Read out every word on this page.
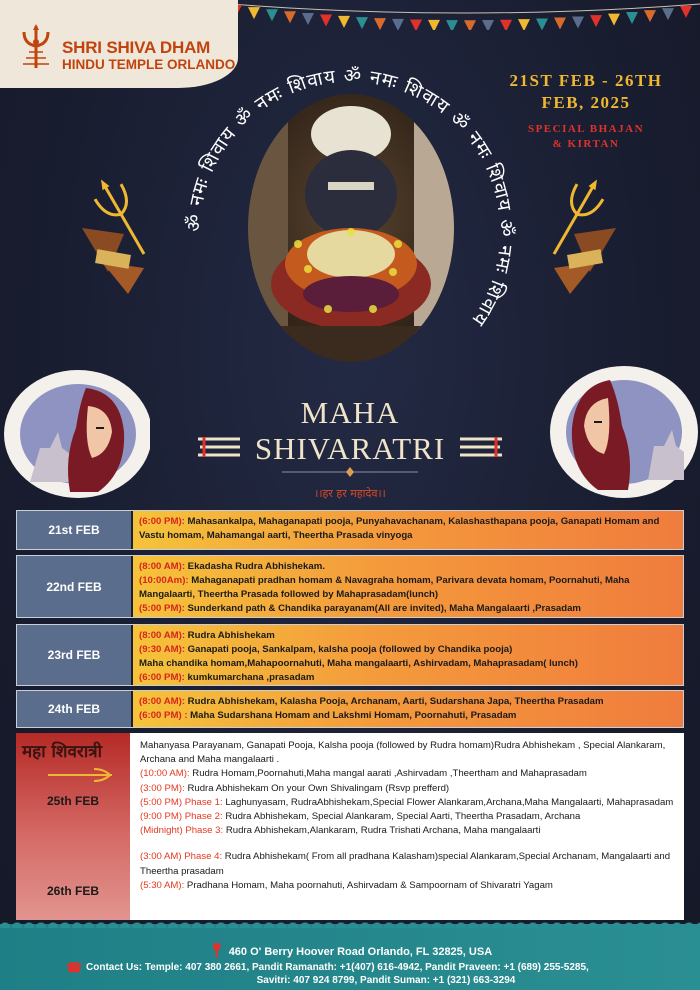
SHRI SHIVA DHAM
HINDU TEMPLE ORLANDO
21ST FEB - 26TH
FEB, 2025
SPECIAL BHAJAN
& KIRTAN
ॐ नमः शिवाय ॐ नमः शिवाय ॐ नमः शिवाय ॐ नमः शिवाय ॐ नमः शिवाय
MAHA
SHIVARATRI
।।हर हर महादेव।।
21st FEB
(6:00 PM): Mahasankalpa, Mahaganapati pooja, Punyahavachanam, Kalashasthapana pooja, Ganapati Homam and Vastu homam, Mahamangal aarti, Theertha Prasada vinyoga
22nd FEB
(8:00 AM): Ekadasha Rudra Abhishekam.
(10:00Am): Mahaganapati pradhan homam & Navagraha homam, Parivara devata homam, Poornahuti, Maha Mangalaarti, Theertha Prasada followed by Mahaprasadam(lunch)
(5:00 PM): Sunderkand path & Chandika parayanam(All are invited), Maha Mangalaarti ,Prasadam
23rd FEB
(8:00 AM): Rudra Abhishekam
(9:30 AM): Ganapati pooja, Sankalpam, kalsha pooja (followed by Chandika pooja)
Maha chandika homam,Mahapoornahuti, Maha mangalaarti, Ashirvadam, Mahaprasadam( lunch)
(6:00 PM): kumkumarchana ,prasadam
24th FEB
(8:00 AM): Rudra Abhishekam, Kalasha Pooja, Archanam, Aarti, Sudarshana Japa, Theertha Prasadam
(6:00 PM) : Maha Sudarshana Homam and Lakshmi Homam, Poornahuti, Prasadam
महा शिवरात्री
25th FEB
26th FEB
Mahanyasa Parayanam, Ganapati Pooja, Kalsha pooja (followed by Rudra homam)Rudra Abhishekam , Special Alankaram, Archana and Maha mangalaarti .
(10:00 AM): Rudra Homam,Poornahuti,Maha mangal aarati ,Ashirvadam ,Theertham and Mahaprasadam
(3:00 PM): Rudra Abhishekam On your Own Shivalingam (Rsvp prefferd)
(5:00 PM) Phase 1: Laghunyasam, RudraAbhishekam,Special Flower Alankaram,Archana,Maha Mangalaarti, Mahaprasadam
(9:00 PM) Phase 2: Rudra Abhishekam, Special Alankaram, Special Aarti, Theertha Prasadam, Archana
(Midnight) Phase 3: Rudra Abhishekam,Alankaram, Rudra Trishati Archana, Maha mangalaarti
(3:00 AM) Phase 4: Rudra Abhishekam( From all pradhana Kalasham)special Alankaram,Special Archanam, Mangalaarti and Theertha prasadam
(5:30 AM): Pradhana Homam, Maha poornahuti, Ashirvadam & Sampoornam of Shivaratri Yagam
📍︎ 460 O' Berry Hoover Road Orlando, FL 32825, USA
☎ Contact Us: Temple: 407 380 2661, Pandit Ramanath: +1(407) 616-4942, Pandit Praveen: +1 (689) 255-5285,
Savitri: 407 924 8799, Pandit Suman: +1 (321) 663-3294
